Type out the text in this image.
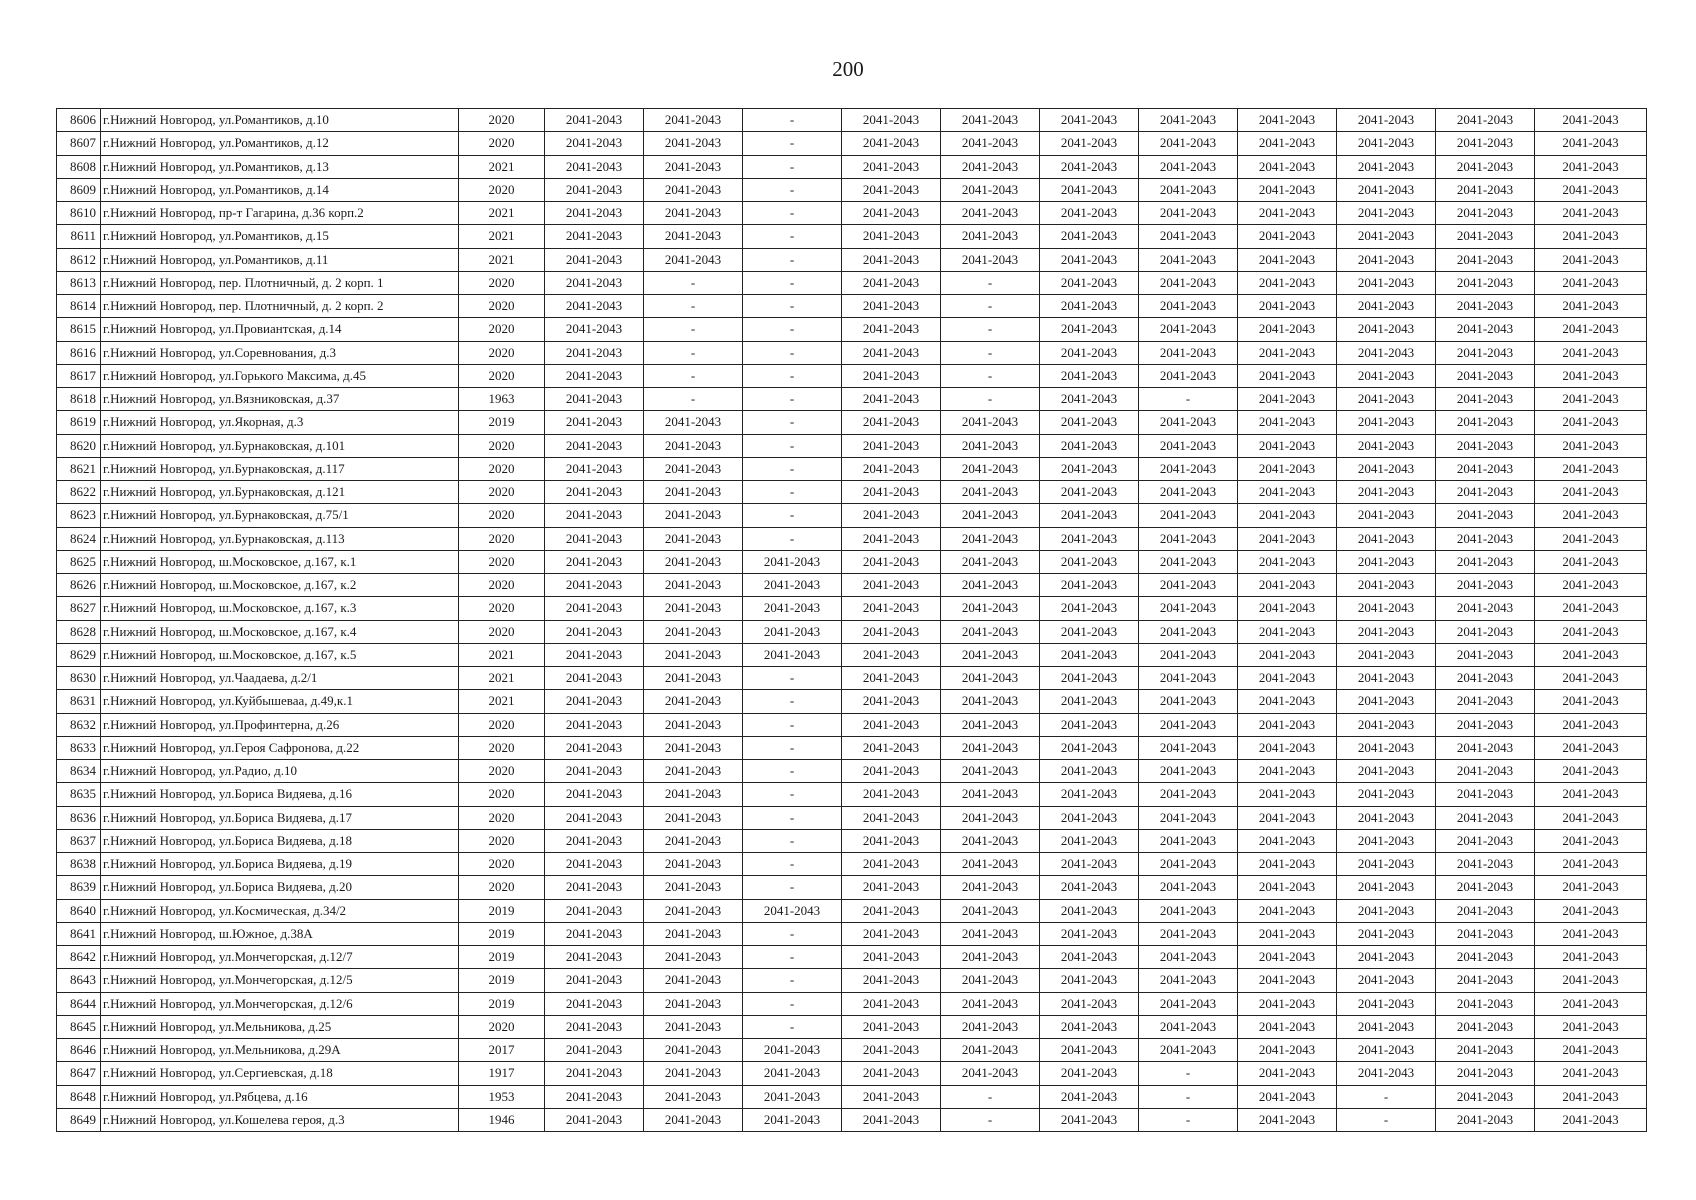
200
8606	г.Нижний Новгород, ул.Романтиков, д.10	2020	2041-2043	2041-2043	-	2041-2043	2041-2043	2041-2043	2041-2043	2041-2043	2041-2043	2041-2043	2041-2043
8607	г.Нижний Новгород, ул.Романтиков, д.12	2020	2041-2043	2041-2043	-	2041-2043	2041-2043	2041-2043	2041-2043	2041-2043	2041-2043	2041-2043	2041-2043
8608	г.Нижний Новгород, ул.Романтиков, д.13	2021	2041-2043	2041-2043	-	2041-2043	2041-2043	2041-2043	2041-2043	2041-2043	2041-2043	2041-2043	2041-2043
8609	г.Нижний Новгород, ул.Романтиков, д.14	2020	2041-2043	2041-2043	-	2041-2043	2041-2043	2041-2043	2041-2043	2041-2043	2041-2043	2041-2043	2041-2043
8610	г.Нижний Новгород, пр-т Гагарина, д.36 корп.2	2021	2041-2043	2041-2043	-	2041-2043	2041-2043	2041-2043	2041-2043	2041-2043	2041-2043	2041-2043	2041-2043
8611	г.Нижний Новгород, ул.Романтиков, д.15	2021	2041-2043	2041-2043	-	2041-2043	2041-2043	2041-2043	2041-2043	2041-2043	2041-2043	2041-2043	2041-2043
8612	г.Нижний Новгород, ул.Романтиков, д.11	2021	2041-2043	2041-2043	-	2041-2043	2041-2043	2041-2043	2041-2043	2041-2043	2041-2043	2041-2043	2041-2043
8613	г.Нижний Новгород, пер. Плотничный, д. 2 корп. 1	2020	2041-2043	-	-	2041-2043	-	2041-2043	2041-2043	2041-2043	2041-2043	2041-2043	2041-2043
8614	г.Нижний Новгород, пер. Плотничный, д. 2 корп. 2	2020	2041-2043	-	-	2041-2043	-	2041-2043	2041-2043	2041-2043	2041-2043	2041-2043	2041-2043
8615	г.Нижний Новгород, ул.Провиантская, д.14	2020	2041-2043	-	-	2041-2043	-	2041-2043	2041-2043	2041-2043	2041-2043	2041-2043	2041-2043
8616	г.Нижний Новгород, ул.Соревнования, д.3	2020	2041-2043	-	-	2041-2043	-	2041-2043	2041-2043	2041-2043	2041-2043	2041-2043	2041-2043
8617	г.Нижний Новгород, ул.Горького Максима, д.45	2020	2041-2043	-	-	2041-2043	-	2041-2043	2041-2043	2041-2043	2041-2043	2041-2043	2041-2043
8618	г.Нижний Новгород, ул.Вязниковская, д.37	1963	2041-2043	-	-	2041-2043	-	2041-2043	-	2041-2043	2041-2043	2041-2043	2041-2043
8619	г.Нижний Новгород, ул.Якорная, д.3	2019	2041-2043	2041-2043	-	2041-2043	2041-2043	2041-2043	2041-2043	2041-2043	2041-2043	2041-2043	2041-2043
8620	г.Нижний Новгород, ул.Бурнаковская, д.101	2020	2041-2043	2041-2043	-	2041-2043	2041-2043	2041-2043	2041-2043	2041-2043	2041-2043	2041-2043	2041-2043
8621	г.Нижний Новгород, ул.Бурнаковская, д.117	2020	2041-2043	2041-2043	-	2041-2043	2041-2043	2041-2043	2041-2043	2041-2043	2041-2043	2041-2043	2041-2043
8622	г.Нижний Новгород, ул.Бурнаковская, д.121	2020	2041-2043	2041-2043	-	2041-2043	2041-2043	2041-2043	2041-2043	2041-2043	2041-2043	2041-2043	2041-2043
8623	г.Нижний Новгород, ул.Бурнаковская, д.75/1	2020	2041-2043	2041-2043	-	2041-2043	2041-2043	2041-2043	2041-2043	2041-2043	2041-2043	2041-2043	2041-2043
8624	г.Нижний Новгород, ул.Бурнаковская, д.113	2020	2041-2043	2041-2043	-	2041-2043	2041-2043	2041-2043	2041-2043	2041-2043	2041-2043	2041-2043	2041-2043
8625	г.Нижний Новгород, ш.Московское, д.167, к.1	2020	2041-2043	2041-2043	2041-2043	2041-2043	2041-2043	2041-2043	2041-2043	2041-2043	2041-2043	2041-2043	2041-2043
8626	г.Нижний Новгород, ш.Московское, д.167, к.2	2020	2041-2043	2041-2043	2041-2043	2041-2043	2041-2043	2041-2043	2041-2043	2041-2043	2041-2043	2041-2043	2041-2043
8627	г.Нижний Новгород, ш.Московское, д.167, к.3	2020	2041-2043	2041-2043	2041-2043	2041-2043	2041-2043	2041-2043	2041-2043	2041-2043	2041-2043	2041-2043	2041-2043
8628	г.Нижний Новгород, ш.Московское, д.167, к.4	2020	2041-2043	2041-2043	2041-2043	2041-2043	2041-2043	2041-2043	2041-2043	2041-2043	2041-2043	2041-2043	2041-2043
8629	г.Нижний Новгород, ш.Московское, д.167, к.5	2021	2041-2043	2041-2043	2041-2043	2041-2043	2041-2043	2041-2043	2041-2043	2041-2043	2041-2043	2041-2043	2041-2043
8630	г.Нижний Новгород, ул.Чаадаева, д.2/1	2021	2041-2043	2041-2043	-	2041-2043	2041-2043	2041-2043	2041-2043	2041-2043	2041-2043	2041-2043	2041-2043
8631	г.Нижний Новгород, ул.Куйбышеваа, д.49,к.1	2021	2041-2043	2041-2043	-	2041-2043	2041-2043	2041-2043	2041-2043	2041-2043	2041-2043	2041-2043	2041-2043
8632	г.Нижний Новгород, ул.Профинтерна, д.26	2020	2041-2043	2041-2043	-	2041-2043	2041-2043	2041-2043	2041-2043	2041-2043	2041-2043	2041-2043	2041-2043
8633	г.Нижний Новгород, ул.Героя Сафронова, д.22	2020	2041-2043	2041-2043	-	2041-2043	2041-2043	2041-2043	2041-2043	2041-2043	2041-2043	2041-2043	2041-2043
8634	г.Нижний Новгород, ул.Радио, д.10	2020	2041-2043	2041-2043	-	2041-2043	2041-2043	2041-2043	2041-2043	2041-2043	2041-2043	2041-2043	2041-2043
8635	г.Нижний Новгород, ул.Бориса Видяева, д.16	2020	2041-2043	2041-2043	-	2041-2043	2041-2043	2041-2043	2041-2043	2041-2043	2041-2043	2041-2043	2041-2043
8636	г.Нижний Новгород, ул.Бориса Видяева, д.17	2020	2041-2043	2041-2043	-	2041-2043	2041-2043	2041-2043	2041-2043	2041-2043	2041-2043	2041-2043	2041-2043
8637	г.Нижний Новгород, ул.Бориса Видяева, д.18	2020	2041-2043	2041-2043	-	2041-2043	2041-2043	2041-2043	2041-2043	2041-2043	2041-2043	2041-2043	2041-2043
8638	г.Нижний Новгород, ул.Бориса Видяева, д.19	2020	2041-2043	2041-2043	-	2041-2043	2041-2043	2041-2043	2041-2043	2041-2043	2041-2043	2041-2043	2041-2043
8639	г.Нижний Новгород, ул.Бориса Видяева, д.20	2020	2041-2043	2041-2043	-	2041-2043	2041-2043	2041-2043	2041-2043	2041-2043	2041-2043	2041-2043	2041-2043
8640	г.Нижний Новгород, ул.Космическая, д.34/2	2019	2041-2043	2041-2043	2041-2043	2041-2043	2041-2043	2041-2043	2041-2043	2041-2043	2041-2043	2041-2043	2041-2043
8641	г.Нижний Новгород, ш.Южное, д.38А	2019	2041-2043	2041-2043	-	2041-2043	2041-2043	2041-2043	2041-2043	2041-2043	2041-2043	2041-2043	2041-2043
8642	г.Нижний Новгород, ул.Мончегорская, д.12/7	2019	2041-2043	2041-2043	-	2041-2043	2041-2043	2041-2043	2041-2043	2041-2043	2041-2043	2041-2043	2041-2043
8643	г.Нижний Новгород, ул.Мончегорская, д.12/5	2019	2041-2043	2041-2043	-	2041-2043	2041-2043	2041-2043	2041-2043	2041-2043	2041-2043	2041-2043	2041-2043
8644	г.Нижний Новгород, ул.Мончегорская, д.12/6	2019	2041-2043	2041-2043	-	2041-2043	2041-2043	2041-2043	2041-2043	2041-2043	2041-2043	2041-2043	2041-2043
8645	г.Нижний Новгород, ул.Мельникова, д.25	2020	2041-2043	2041-2043	-	2041-2043	2041-2043	2041-2043	2041-2043	2041-2043	2041-2043	2041-2043	2041-2043
8646	г.Нижний Новгород, ул.Мельникова, д.29А	2017	2041-2043	2041-2043	2041-2043	2041-2043	2041-2043	2041-2043	2041-2043	2041-2043	2041-2043	2041-2043	2041-2043
8647	г.Нижний Новгород, ул.Сергиевская, д.18	1917	2041-2043	2041-2043	2041-2043	2041-2043	2041-2043	2041-2043	-	2041-2043	2041-2043	2041-2043	2041-2043
8648	г.Нижний Новгород, ул.Рябцева, д.16	1953	2041-2043	2041-2043	2041-2043	2041-2043	-	2041-2043	-	2041-2043	-	2041-2043	2041-2043
8649	г.Нижний Новгород, ул.Кошелева героя, д.3	1946	2041-2043	2041-2043	2041-2043	2041-2043	-	2041-2043	-	2041-2043	-	2041-2043	2041-2043
